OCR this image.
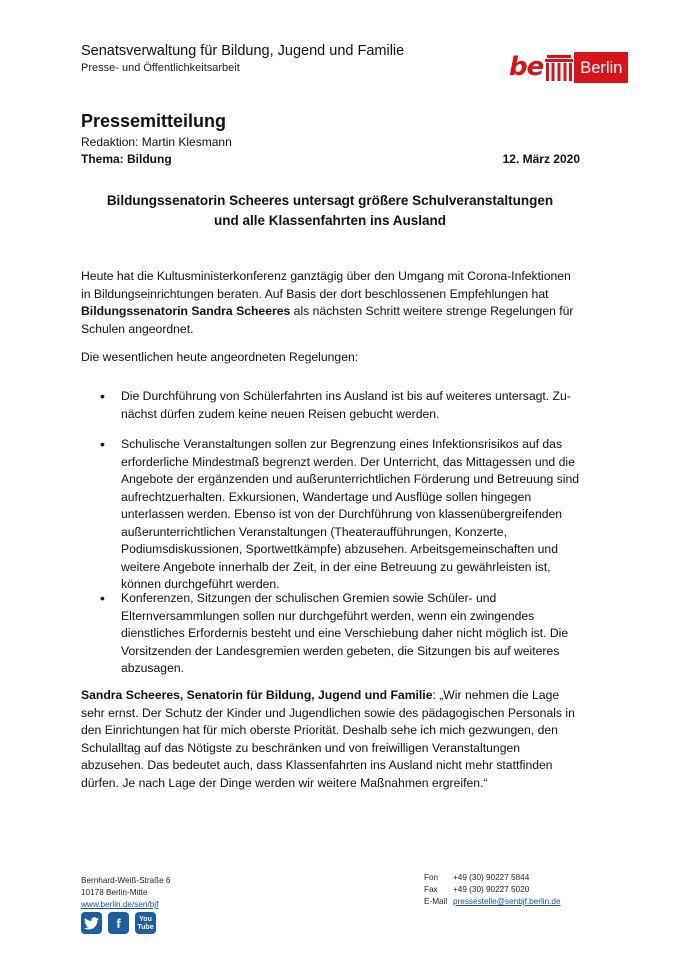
Senatsverwaltung für Bildung, Jugend und Familie
Presse- und Öffentlichkeitsarbeit	be	Berlin
Pressemitteilung
Redaktion: Martin Klesmann
Thema: Bildung	12. März 2020
Bildungssenatorin Scheeres untersagt größere Schulveranstaltungen
und alle Klassenfahrten ins Ausland

Heute hat die Kultusministerkonferenz ganztägig über den Umgang mit Corona-Infektionen in Bildungseinrichtungen beraten. Auf Basis der dort beschlossenen Empfehlungen hat Bildungssenatorin Sandra Scheeres als nächsten Schritt weitere strenge Regelungen für Schulen angeordnet.

Die wesentlichen heute angeordneten Regelungen:

• Die Durchführung von Schülerfahrten ins Ausland ist bis auf weiteres untersagt. Zunächst dürfen zudem keine neuen Reisen gebucht werden.
• Schulische Veranstaltungen sollen zur Begrenzung eines Infektionsrisikos auf das erforderliche Mindestmaß begrenzt werden. Der Unterricht, das Mittagessen und die Angebote der ergänzenden und außerunterrichtlichen Förderung und Betreuung sind aufrechtzuerhalten. Exkursionen, Wandertage und Ausflüge sollen hingegen unterlassen werden. Ebenso ist von der Durchführung von klassenübergreifenden außerunterrichtlichen Veranstaltungen (Theateraufführungen, Konzerte, Podiumsdiskussionen, Sportwettkämpfe) abzusehen. Arbeitsgemeinschaften und weitere Angebote innerhalb der Zeit, in der eine Betreuung zu gewährleisten ist, können durchgeführt werden.
• Konferenzen, Sitzungen der schulischen Gremien sowie Schüler- und Elternversammlungen sollen nur durchgeführt werden, wenn ein zwingendes dienstliches Erfordernis besteht und eine Verschiebung daher nicht möglich ist. Die Vorsitzenden der Landesgremien werden gebeten, die Sitzungen bis auf weiteres abzusagen.

Sandra Scheeres, Senatorin für Bildung, Jugend und Familie: „Wir nehmen die Lage sehr ernst. Der Schutz der Kinder und Jugendlichen sowie des pädagogischen Personals in den Einrichtungen hat für mich oberste Priorität. Deshalb sehe ich mich gezwungen, den Schulalltag auf das Nötigste zu beschränken und von freiwilligen Veranstaltungen abzusehen. Das bedeutet auch, dass Klassenfahrten ins Ausland nicht mehr stattfinden dürfen. Je nach Lage der Dinge werden wir weitere Maßnahmen ergreifen.“

Bernhard-Weiß-Straße 6
10178 Berlin-Mitte
www.berlin.de/sen/bjf
Fon	+49 (30) 90227 5844
Fax	+49 (30) 90227 5020
E-Mail pressestelle@senbjf.berlin.de
f	You
Tube
